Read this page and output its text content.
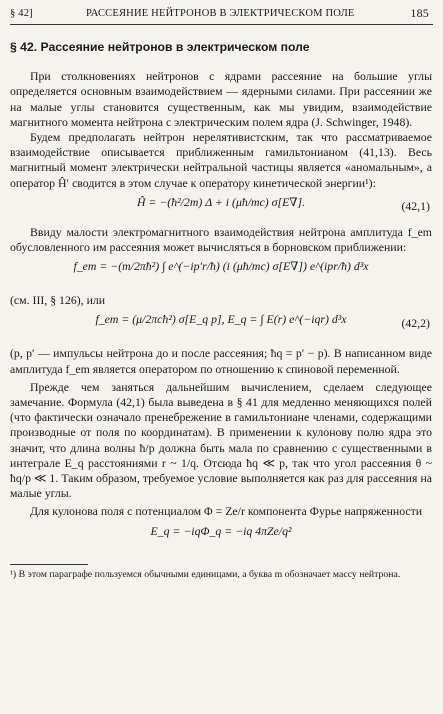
§ 42]	РАССЕЯНИЕ НЕЙТРОНОВ В ЭЛЕКТРИЧЕСКОМ ПОЛЕ	185
§ 42. Рассеяние нейтронов в электрическом поле

При столкновениях нейтронов с ядрами рассеяние на большие углы определяется основным взаимодействием — ядерными силами. При рассеянии же на малые углы становится существенным, как мы увидим, взаимодействие магнитного момента нейтрона с электрическим полем ядра (J. Schwinger, 1948).

Будем предполагать нейтрон нерелятивистским, так что рассматриваемое взаимодействие описывается приближенным гамильтонианом (41,13). Весь магнитный момент электрически нейтральной частицы является «аномальным», а оператор Ĥ′ сводится в этом случае к оператору кинетической энергии¹):

Ĥ = −(ħ²/2m) Δ + i (μħ/mc) σ[E∇].	(42,1)

Ввиду малости электромагнитного взаимодействия нейтрона амплитуда f_em обусловленного им рассеяния может вычисляться в борновском приближении:

f_em = −(m/2πħ²) ∫ e^(−ip′r/ħ) (i (μħ/mc) σ[E∇]) e^(ipr/ħ) d³x

(см. III, § 126), или

f_em = (μ/2πcħ²) σ[E_q p], E_q = ∫ E(r) e^(−iqr) d³x	(42,2)

(p, p′ — импульсы нейтрона до и после рассеяния; ħq = p′ − p). В написанном виде амплитуда f_em является оператором по отношению к спиновой переменной.

Прежде чем заняться дальнейшим вычислением, сделаем следующее замечание. Формула (42,1) была выведена в § 41 для медленно меняющихся полей (что фактически означало пренебрежение в гамильтониане членами, содержащими производные от поля по координатам). В применении к кулонову полю ядра это значит, что длина волны ħ/p должна быть мала по сравнению с существенными в интеграле E_q расстояниями r ~ 1/q. Отсюда ħq ≪ p, так что угол рассеяния θ ~ ħq/p ≪ 1. Таким образом, требуемое условие выполняется как раз для рассеяния на малые углы.

Для кулонова поля с потенциалом Φ = Ze/r компонента Фурье напряженности

E_q = −iqΦ_q = −iq 4πZe/q²
¹) В этом параграфе пользуемся обычными единицами, а буква m обозначает массу нейтрона.
